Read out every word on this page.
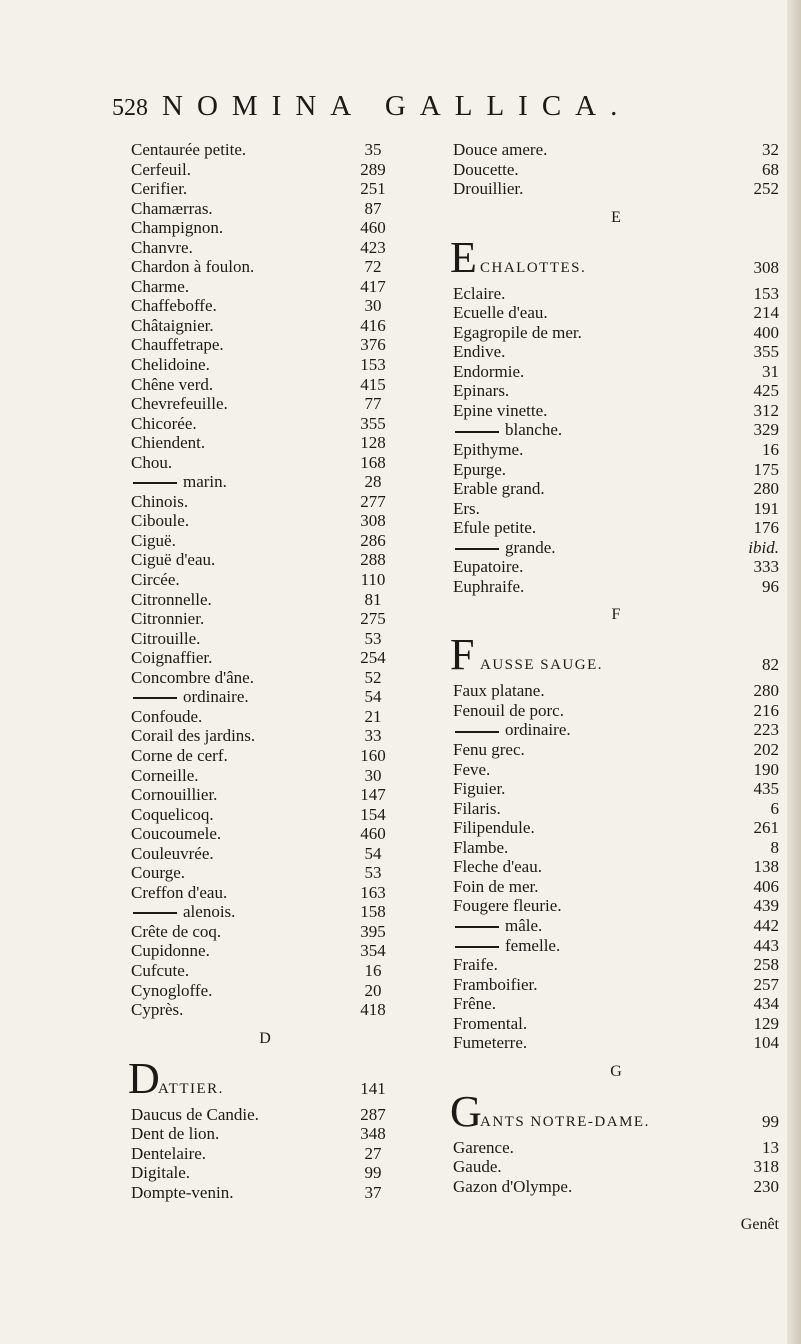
528 NOMINA GALLICA.
Centaurée petite.	35
Cerfeuil.	289
Cerifier.	251
Chamærras.	87
Champignon.	460
Chanvre.	423
Chardon à foulon.	72
Charme.	417
Chaffeboffe.	30
Châtaignier.	416
Chauffetrape.	376
Chelidoine.	153
Chêne verd.	415
Chevrefeuille.	77
Chicorée.	355
Chiendent.	128
Chou.	168
marin.	28
Chinois.	277
Ciboule.	308
Ciguë.	286
Ciguë d'eau.	288
Circée.	110
Citronnelle.	81
Citronnier.	275
Citrouille.	53
Coignaffier.	254
Concombre d'âne.	52
ordinaire.	54
Confoude.	21
Corail des jardins.	33
Corne de cerf.	160
Corneille.	30
Cornouillier.	147
Coquelicoq.	154
Coucoumele.	460
Couleuvrée.	54
Courge.	53
Creffon d'eau.	163
alenois.	158
Crête de coq.	395
Cupidonne.	354
Cufcute.	16
Cynogloffe.	20
Cyprès.	418
D
D
ATTIER.	141
Daucus de Candie.	287
Dent de lion.	348
Dentelaire.	27
Digitale.	99
Dompte-venin.	37
Douce amere.	32
Doucette.	68
Drouillier.	252
E
E CHALOTTES.	308
Eclaire.	153
Ecuelle d'eau.	214
Egagropile de mer.	400
Endive.	355
Endormie.	31
Epinars.	425
Epine vinette.	312
blanche.	329
Epithyme.	16
Epurge.	175
Erable grand.	280
Ers.	191
Efule petite.	176
grande.	ibid.
Eupatoire.	333
Euphraife.	96
F
F AUSSE SAUGE.	82
Faux platane.	280
Fenouil de porc.	216
ordinaire.	223
Fenu grec.	202
Feve.	190
Figuier.	435
Filaris.	6
Filipendule.	261
Flambe.	8
Fleche d'eau.	138
Foin de mer.	406
Fougere fleurie.	439
mâle.	442
femelle.	443
Fraife.	258
Framboifier.	257
Frêne.	434
Fromental.	129
Fumeterre.	104
G
G
ANTS NOTRE-DAME.	99
Garence.	13
Gaude.	318
Gazon d'Olympe.	230
Genêt
